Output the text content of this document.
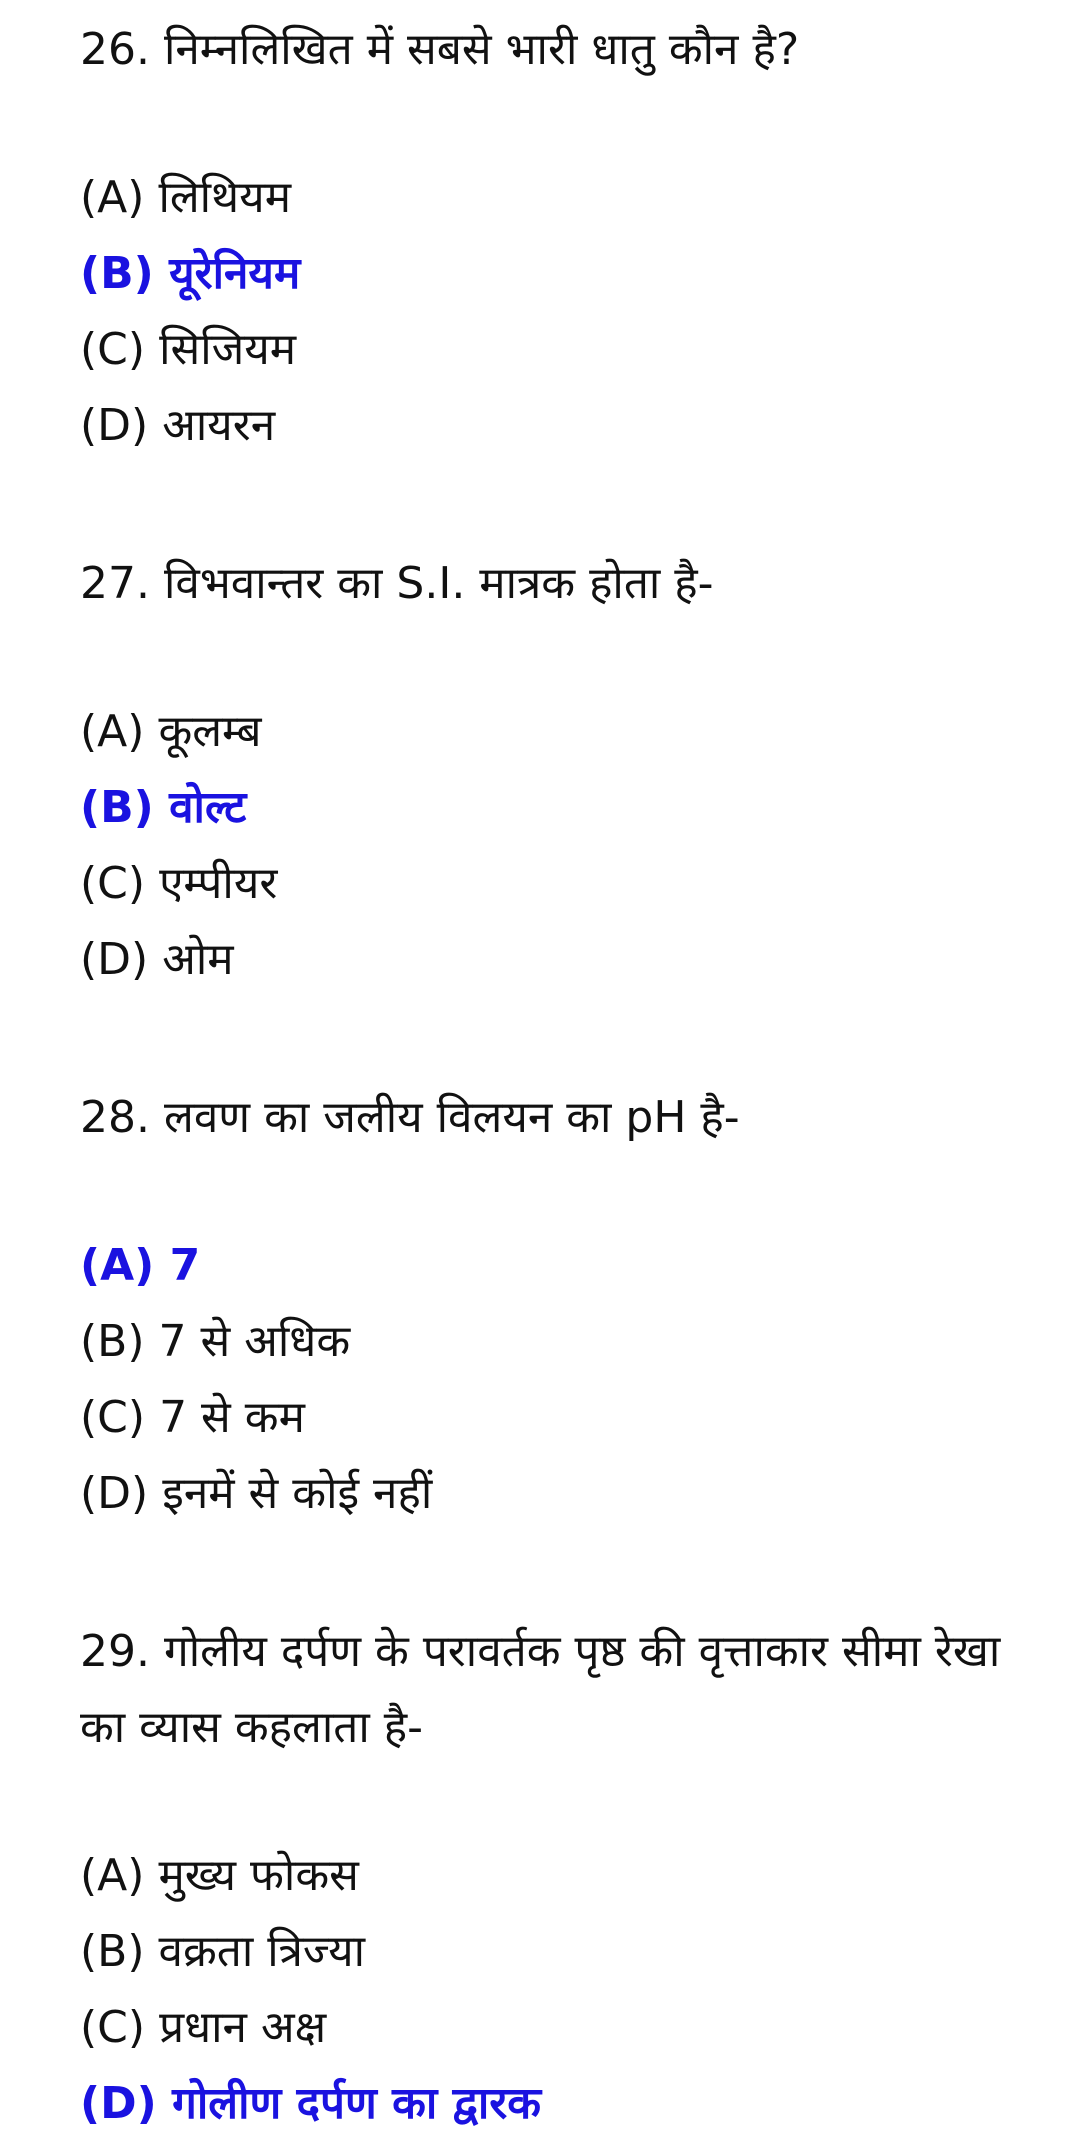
26. निम्नलिखित में सबसे भारी धातु कौन है?

(A) लिथियम
(B) यूरेनियम
(C) सिजियम
(D) आयरन

27. विभवान्तर का S.I. मात्रक होता है-

(A) कूलम्ब
(B) वोल्ट
(C) एम्पीयर
(D) ओम

28. लवण का जलीय विलयन का pH है-

(A) 7
(B) 7 से अधिक
(C) 7 से कम
(D) इनमें से कोई नहीं

29. गोलीय दर्पण के परावर्तक पृष्ठ की वृत्ताकार सीमा रेखा का व्यास कहलाता है-

(A) मुख्य फोकस
(B) वक्रता त्रिज्या
(C) प्रधान अक्ष
(D) गोलीण दर्पण का द्वारक
